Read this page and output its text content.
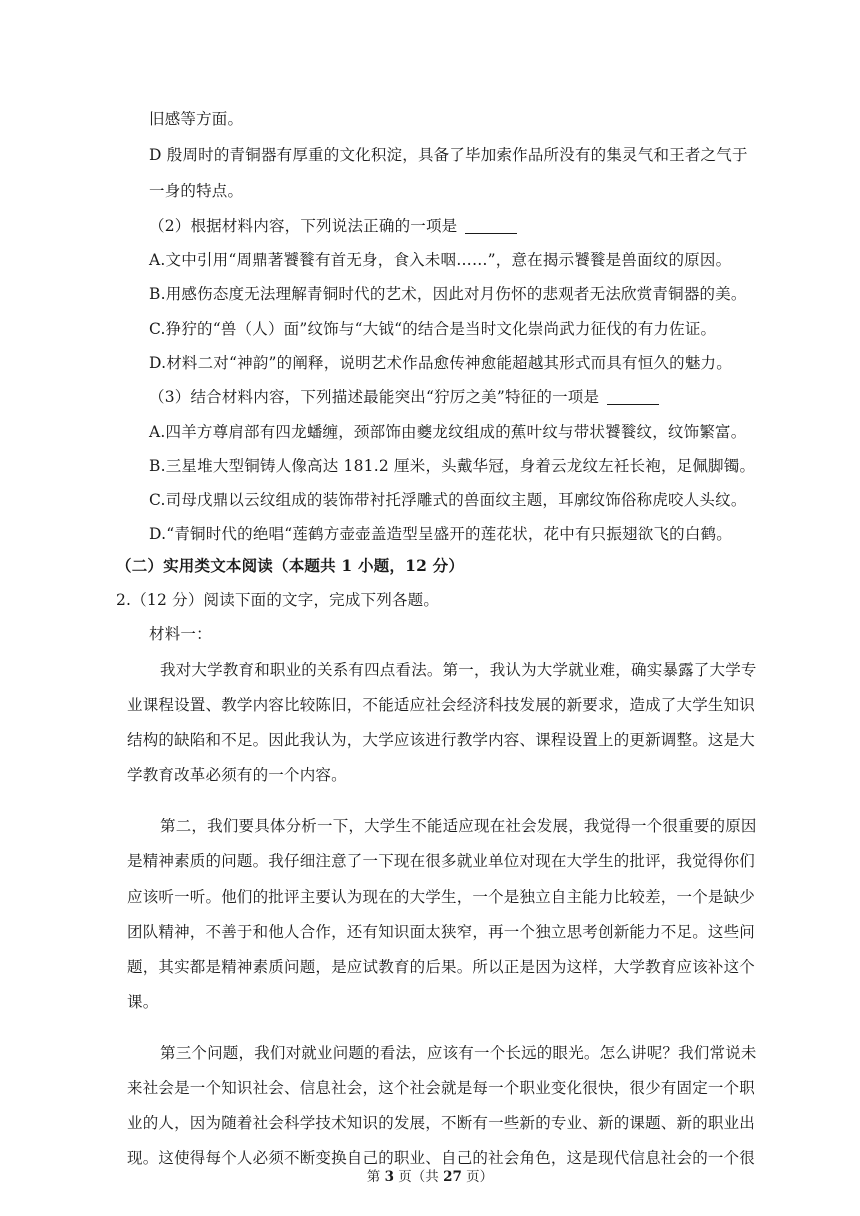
旧感等方面。
D 殷周时的青铜器有厚重的文化积淀，具备了毕加索作品所没有的集灵气和王者之气于
一身的特点。
（2）根据材料内容，下列说法正确的一项是
A.文中引用“周鼎著饕餮有首无身，食入未咽……”，意在揭示饕餮是兽面纹的原因。
B.用感伤态度无法理解青铜时代的艺术，因此对月伤怀的悲观者无法欣赏青铜器的美。
C.狰狞的“兽（人）面”纹饰与“大钺“的结合是当时文化崇尚武力征伐的有力佐证。
D.材料二对“神韵”的阐释，说明艺术作品愈传神愈能超越其形式而具有恒久的魅力。
（3）结合材料内容，下列描述最能突出“狞厉之美”特征的一项是
A.四羊方尊肩部有四龙蟠缠，颈部饰由夔龙纹组成的蕉叶纹与带状饕餮纹，纹饰繁富。
B.三星堆大型铜铸人像高达 181.2 厘米，头戴华冠，身着云龙纹左衽长袍，足佩脚镯。
C.司母戊鼎以云纹组成的装饰带衬托浮雕式的兽面纹主题，耳廓纹饰俗称虎咬人头纹。
D.“青铜时代的绝唱“莲鹤方壶壶盖造型呈盛开的莲花状，花中有只振翅欲飞的白鹤。
（二）实用类文本阅读（本题共 1 小题，12 分）
2.（12 分）阅读下面的文字，完成下列各题。
材料一：
我对大学教育和职业的关系有四点看法。第一，我认为大学就业难，确实暴露了大学专
业课程设置、教学内容比较陈旧，不能适应社会经济科技发展的新要求，造成了大学生知识
结构的缺陷和不足。因此我认为，大学应该进行教学内容、课程设置上的更新调整。这是大
学教育改革必须有的一个内容。
第二，我们要具体分析一下，大学生不能适应现在社会发展，我觉得一个很重要的原因
是精神素质的问题。我仔细注意了一下现在很多就业单位对现在大学生的批评，我觉得你们
应该听一听。他们的批评主要认为现在的大学生，一个是独立自主能力比较差，一个是缺少
团队精神，不善于和他人合作，还有知识面太狭窄，再一个独立思考创新能力不足。这些问
题，其实都是精神素质问题，是应试教育的后果。所以正是因为这样，大学教育应该补这个
课。
第三个问题，我们对就业问题的看法，应该有一个长远的眼光。怎么讲呢？我们常说未
来社会是一个知识社会、信息社会，这个社会就是每一个职业变化很快，很少有固定一个职
业的人，因为随着社会科学技术知识的发展，不断有一些新的专业、新的课题、新的职业出
现。这使得每个人必须不断变换自己的职业、自己的社会角色，这是现代信息社会的一个很
第 3 页（共 27 页）
